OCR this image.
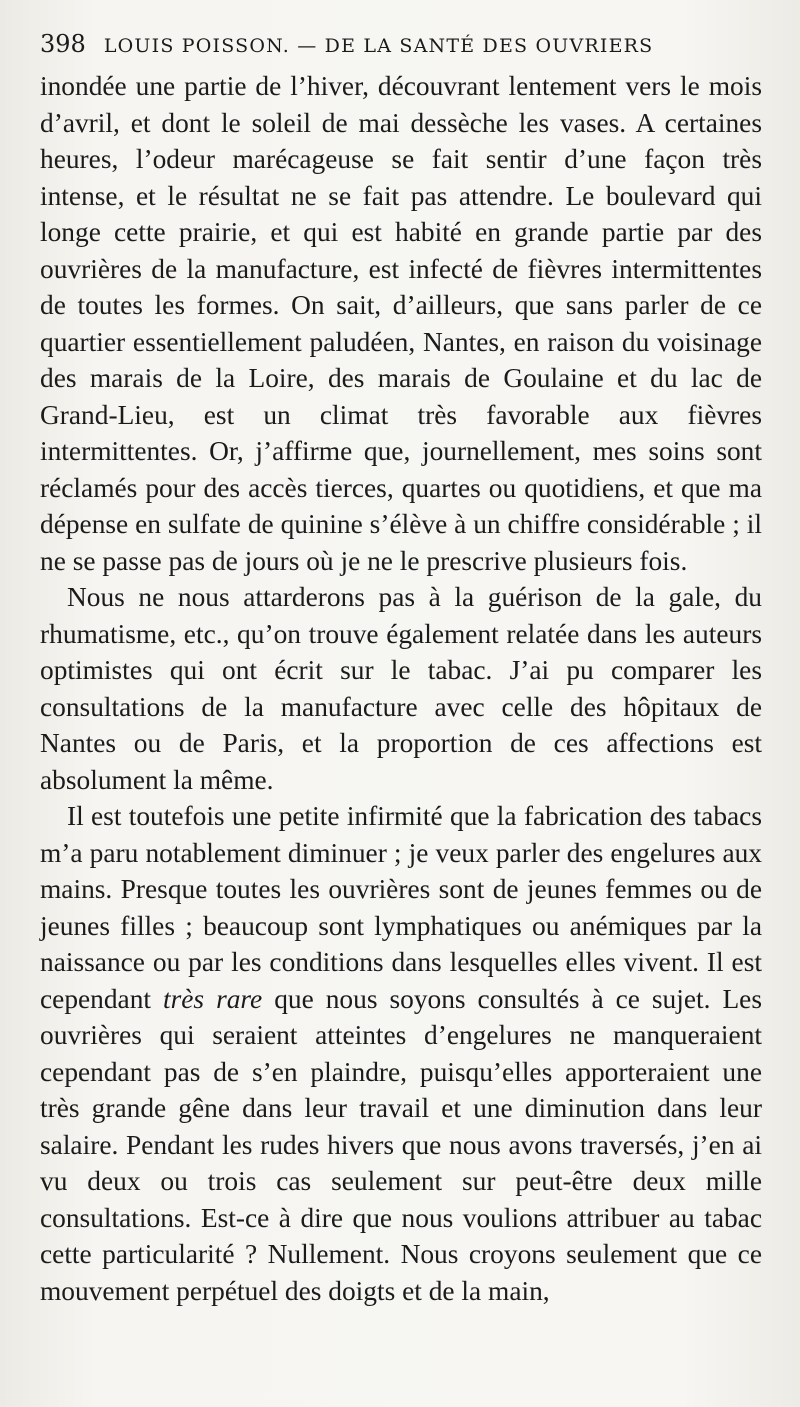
398 LOUIS POISSON. — DE LA SANTÉ DES OUVRIERS

inondée une partie de l’hiver, découvrant lentement vers le mois d’avril, et dont le soleil de mai dessèche les vases. A certaines heures, l’odeur marécageuse se fait sentir d’une façon très intense, et le résultat ne se fait pas attendre. Le boulevard qui longe cette prairie, et qui est habité en grande partie par des ouvrières de la manufacture, est infecté de fièvres intermittentes de toutes les formes. On sait, d’ailleurs, que sans parler de ce quartier essentiellement paludéen, Nantes, en raison du voisinage des marais de la Loire, des marais de Goulaine et du lac de Grand-Lieu, est un climat très favorable aux fièvres intermittentes. Or, j’affirme que, journellement, mes soins sont réclamés pour des accès tierces, quartes ou quotidiens, et que ma dépense en sulfate de quinine s’élève à un chiffre considérable ; il ne se passe pas de jours où je ne le prescrive plusieurs fois.

Nous ne nous attarderons pas à la guérison de la gale, du rhumatisme, etc., qu’on trouve également relatée dans les auteurs optimistes qui ont écrit sur le tabac. J’ai pu comparer les consultations de la manufacture avec celle des hôpitaux de Nantes ou de Paris, et la proportion de ces affections est absolument la même.

Il est toutefois une petite infirmité que la fabrication des tabacs m’a paru notablement diminuer ; je veux parler des engelures aux mains. Presque toutes les ouvrières sont de jeunes femmes ou de jeunes filles ; beaucoup sont lymphatiques ou anémiques par la naissance ou par les conditions dans lesquelles elles vivent. Il est cependant très rare que nous soyons consultés à ce sujet. Les ouvrières qui seraient atteintes d’engelures ne manqueraient cependant pas de s’en plaindre, puisqu’elles apporteraient une très grande gêne dans leur travail et une diminution dans leur salaire. Pendant les rudes hivers que nous avons traversés, j’en ai vu deux ou trois cas seulement sur peut-être deux mille consultations. Est-ce à dire que nous voulions attribuer au tabac cette particularité ? Nullement. Nous croyons seulement que ce mouvement perpétuel des doigts et de la main,
